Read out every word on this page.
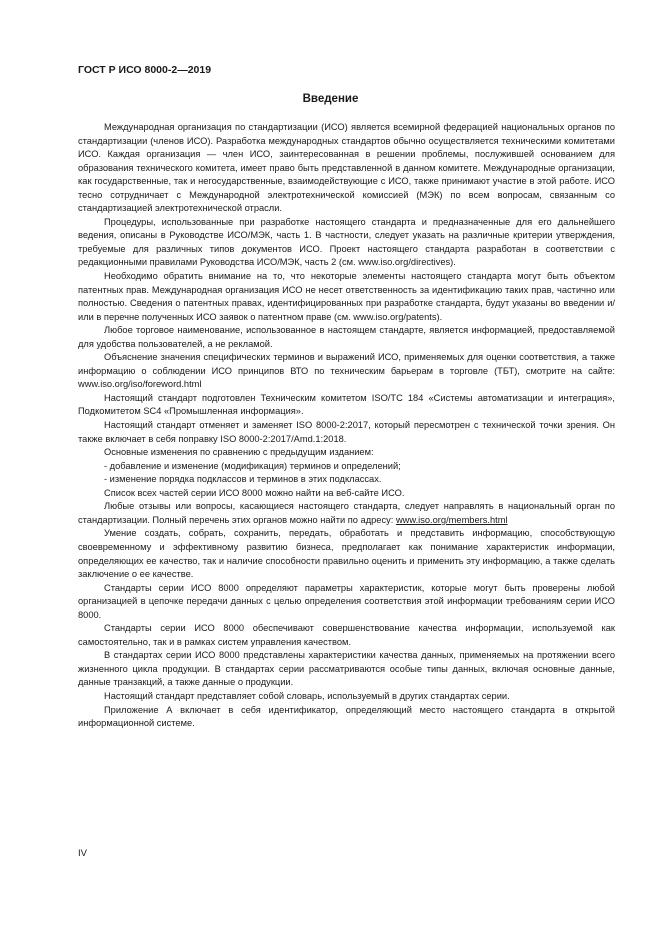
ГОСТ Р ИСО 8000-2—2019
Введение

Международная организация по стандартизации (ИСО) является всемирной федерацией национальных органов по стандартизации (членов ИСО). Разработка международных стандартов обычно осуществляется техническими комитетами ИСО. Каждая организация — член ИСО, заинтересованная в решении проблемы, послужившей основанием для образования технического комитета, имеет право быть представленной в данном комитете. Международные организации, как государственные, так и негосударственные, взаимодействующие с ИСО, также принимают участие в этой работе. ИСО тесно сотрудничает с Международной электротехнической комиссией (МЭК) по всем вопросам, связанным со стандартизацией электротехнической отрасли.

Процедуры, использованные при разработке настоящего стандарта и предназначенные для его дальнейшего ведения, описаны в Руководстве ИСО/МЭК, часть 1. В частности, следует указать на различные критерии утверждения, требуемые для различных типов документов ИСО. Проект настоящего стандарта разработан в соответствии с редакционными правилами Руководства ИСО/МЭК, часть 2 (см. www.iso.org/directives).

Необходимо обратить внимание на то, что некоторые элементы настоящего стандарта могут быть объектом патентных прав. Международная организация ИСО не несет ответственность за идентификацию таких прав, частично или полностью. Сведения о патентных правах, идентифицированных при разработке стандарта, будут указаны во введении и/или в перечне полученных ИСО заявок о патентном праве (см. www.iso.org/patents).

Любое торговое наименование, использованное в настоящем стандарте, является информацией, предоставляемой для удобства пользователей, а не рекламой.

Объяснение значения специфических терминов и выражений ИСО, применяемых для оценки соответствия, а также информацию о соблюдении ИСО принципов ВТО по техническим барьерам в торговле (ТБТ), смотрите на сайте: www.iso.org/iso/foreword.html

Настоящий стандарт подготовлен Техническим комитетом ISO/TC 184 «Системы автоматизации и интеграция», Подкомитетом SC4 «Промышленная информация».

Настоящий стандарт отменяет и заменяет ISO 8000-2:2017, который пересмотрен с технической точки зрения. Он также включает в себя поправку ISO 8000-2:2017/Amd.1:2018.

Основные изменения по сравнению с предыдущим изданием:

- добавление и изменение (модификация) терминов и определений;

- изменение порядка подклассов и терминов в этих подклассах.

Список всех частей серии ИСО 8000 можно найти на веб-сайте ИСО.

Любые отзывы или вопросы, касающиеся настоящего стандарта, следует направлять в национальный орган по стандартизации. Полный перечень этих органов можно найти по адресу: www.iso.org/members.html

Умение создать, собрать, сохранить, передать, обработать и представить информацию, способствующую своевременному и эффективному развитию бизнеса, предполагает как понимание характеристик информации, определяющих ее качество, так и наличие способности правильно оценить и применить эту информацию, а также сделать заключение о ее качестве.

Стандарты серии ИСО 8000 определяют параметры характеристик, которые могут быть проверены любой организацией в цепочке передачи данных с целью определения соответствия этой информации требованиям серии ИСО 8000.

Стандарты серии ИСО 8000 обеспечивают совершенствование качества информации, используемой как самостоятельно, так и в рамках систем управления качеством.

В стандартах серии ИСО 8000 представлены характеристики качества данных, применяемых на протяжении всего жизненного цикла продукции. В стандартах серии рассматриваются особые типы данных, включая основные данные, данные транзакций, а также данные о продукции.

Настоящий стандарт представляет собой словарь, используемый в других стандартах серии.

Приложение А включает в себя идентификатор, определяющий место настоящего стандарта в открытой информационной системе.

IV
